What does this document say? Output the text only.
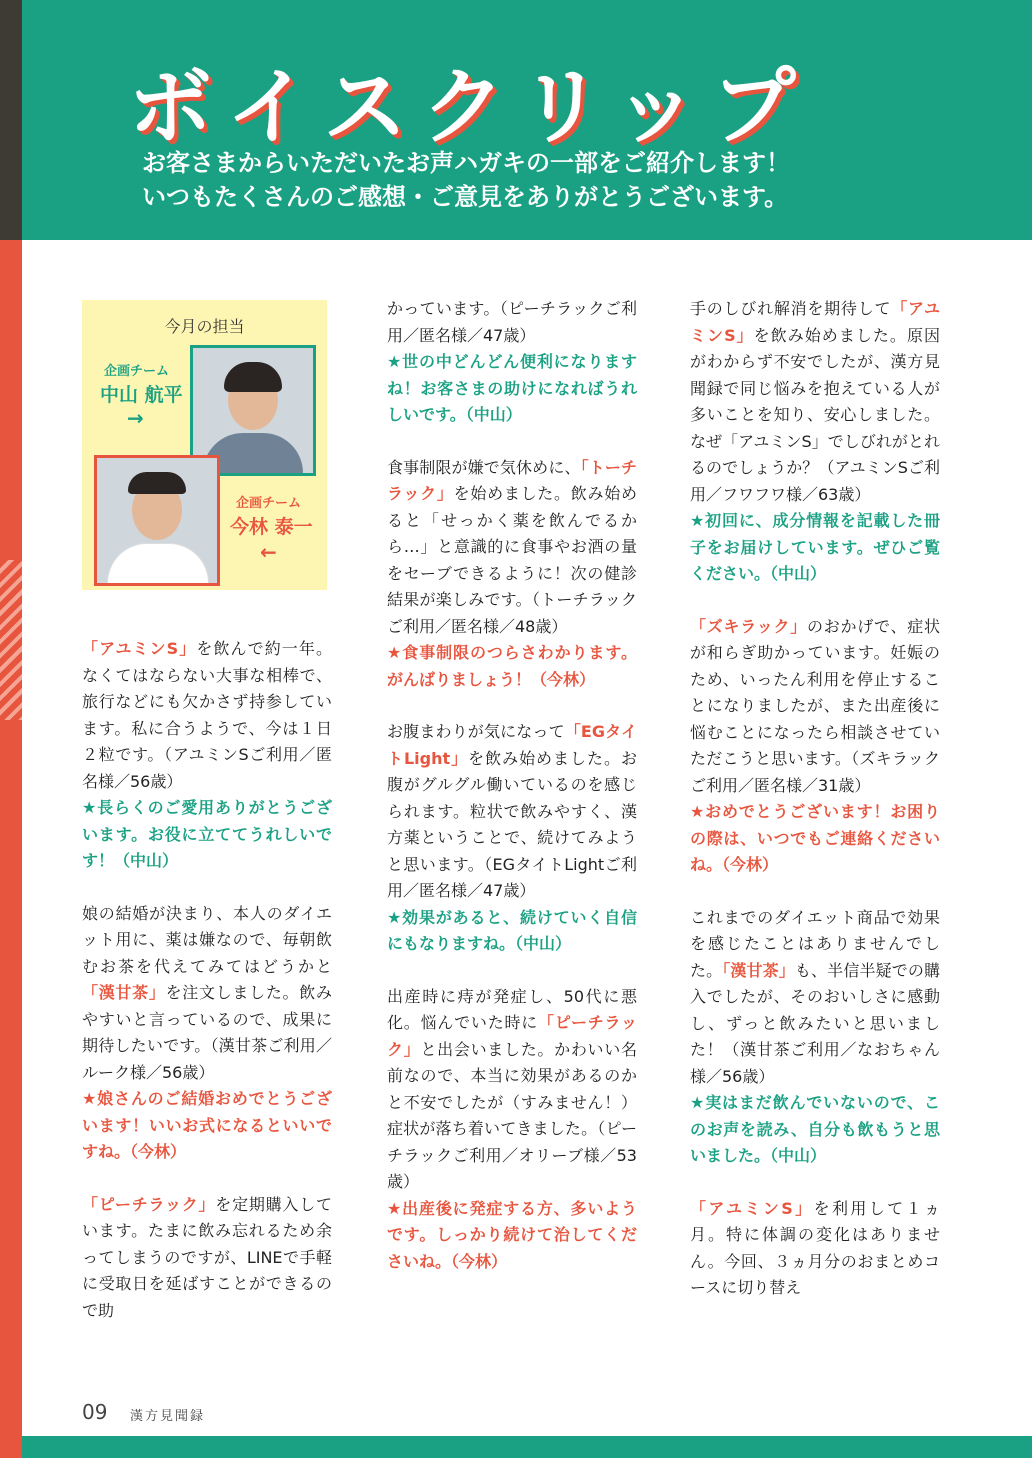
ボイスクリップ
お客さまからいただいたお声ハガキの一部をご紹介します！
いつもたくさんのご感想・ご意見をありがとうございます。
今月の担当
企画チーム
中山 航平
→
企画チーム
今林 泰一
←
「アユミンS」を飲んで約一年。なくてはならない大事な相棒で、旅行などにも欠かさず持参しています。私に合うようで、今は１日２粒です。（アユミンSご利用／匿名様／56歳）
★長らくのご愛用ありがとうございます。お役に立ててうれしいです！（中山）
娘の結婚が決まり、本人のダイエット用に、薬は嫌なので、毎朝飲むお茶を代えてみてはどうかと「漢甘茶」を注文しました。飲みやすいと言っているので、成果に期待したいです。（漢甘茶ご利用／ルーク様／56歳）
★娘さんのご結婚おめでとうございます！いいお式になるといいですね。（今林）
「ピーチラック」を定期購入しています。たまに飲み忘れるため余ってしまうのですが、LINEで手軽に受取日を延ばすことができるので助
かっています。（ピーチラックご利用／匿名様／47歳）
★世の中どんどん便利になりますね！お客さまの助けになればうれしいです。（中山）
食事制限が嫌で気休めに、「トーチラック」を始めました。飲み始めると「せっかく薬を飲んでるから…」と意識的に食事やお酒の量をセーブできるように！次の健診結果が楽しみです。（トーチラックご利用／匿名様／48歳）
★食事制限のつらさわかります。がんばりましょう！（今林）
お腹まわりが気になって「EGタイトLight」を飲み始めました。お腹がグルグル働いているのを感じられます。粒状で飲みやすく、漢方薬ということで、続けてみようと思います。（EGタイトLightご利用／匿名様／47歳）
★効果があると、続けていく自信にもなりますね。（中山）
出産時に痔が発症し、50代に悪化。悩んでいた時に「ピーチラック」と出会いました。かわいい名前なので、本当に効果があるのかと不安でしたが（すみません！）症状が落ち着いてきました。（ピーチラックご利用／オリーブ様／53歳）
★出産後に発症する方、多いようです。しっかり続けて治してくださいね。（今林）
手のしびれ解消を期待して「アユミンS」を飲み始めました。原因がわからず不安でしたが、漢方見聞録で同じ悩みを抱えている人が多いことを知り、安心しました。なぜ「アユミンS」でしびれがとれるのでしょうか？（アユミンSご利用／フワフワ様／63歳）
★初回に、成分情報を記載した冊子をお届けしています。ぜひご覧ください。（中山）
「ズキラック」のおかげで、症状が和らぎ助かっています。妊娠のため、いったん利用を停止することになりましたが、また出産後に悩むことになったら相談させていただこうと思います。（ズキラックご利用／匿名様／31歳）
★おめでとうございます！お困りの際は、いつでもご連絡くださいね。（今林）
これまでのダイエット商品で効果を感じたことはありませんでした。「漢甘茶」も、半信半疑での購入でしたが、そのおいしさに感動し、ずっと飲みたいと思いました！（漢甘茶ご利用／なおちゃん様／56歳）
★実はまだ飲んでいないので、このお声を読み、自分も飲もうと思いました。（中山）
「アユミンS」を利用して１ヵ月。特に体調の変化はありません。今回、３ヵ月分のおまとめコースに切り替え
09 漢方見聞録
